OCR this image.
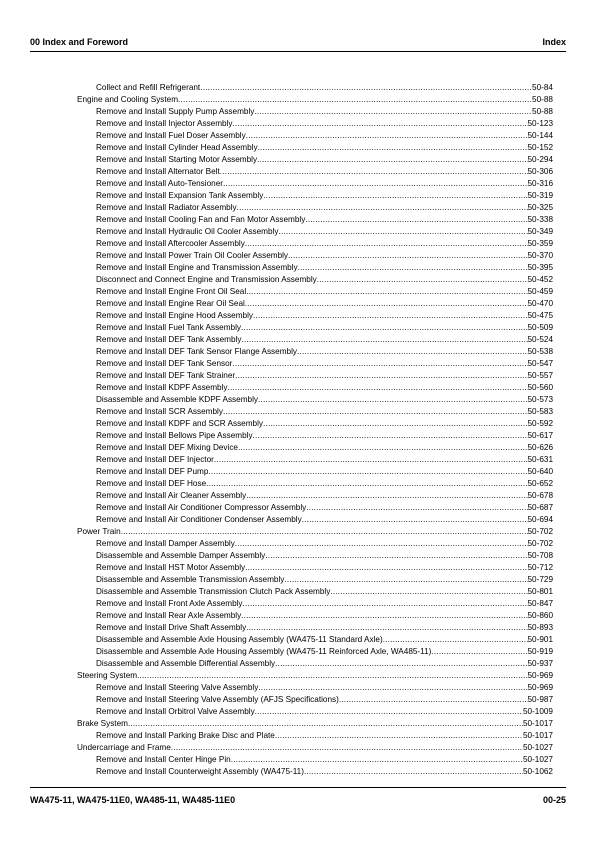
00 Index and Foreword	Index
Collect and Refill Refrigerant .....	50-84
Engine and Cooling System .....	50-88
Remove and Install Supply Pump Assembly .....	50-88
Remove and Install Injector Assembly .....	50-123
Remove and Install Fuel Doser Assembly .....	50-144
Remove and Install Cylinder Head Assembly .....	50-152
Remove and Install Starting Motor Assembly .....	50-294
Remove and Install Alternator Belt .....	50-306
Remove and Install Auto-Tensioner .....	50-316
Remove and Install Expansion Tank Assembly .....	50-319
Remove and Install Radiator Assembly .....	50-325
Remove and Install Cooling Fan and Fan Motor Assembly .....	50-338
Remove and Install Hydraulic Oil Cooler Assembly .....	50-349
Remove and Install Aftercooler Assembly .....	50-359
Remove and Install Power Train Oil Cooler Assembly .....	50-370
Remove and Install Engine and Transmission Assembly .....	50-395
Disconnect and Connect Engine and Transmission Assembly .....	50-452
Remove and Install Engine Front Oil Seal .....	50-459
Remove and Install Engine Rear Oil Seal .....	50-470
Remove and Install Engine Hood Assembly .....	50-475
Remove and Install Fuel Tank Assembly .....	50-509
Remove and Install DEF Tank Assembly .....	50-524
Remove and Install DEF Tank Sensor Flange Assembly .....	50-538
Remove and Install DEF Tank Sensor .....	50-547
Remove and Install DEF Tank Strainer .....	50-557
Remove and Install KDPF Assembly .....	50-560
Disassemble and Assemble KDPF Assembly .....	50-573
Remove and Install SCR Assembly .....	50-583
Remove and Install KDPF and SCR Assembly .....	50-592
Remove and Install Bellows Pipe Assembly .....	50-617
Remove and Install DEF Mixing Device .....	50-626
Remove and Install DEF Injector .....	50-631
Remove and Install DEF Pump .....	50-640
Remove and Install DEF Hose .....	50-652
Remove and Install Air Cleaner Assembly .....	50-678
Remove and Install Air Conditioner Compressor Assembly .....	50-687
Remove and Install Air Conditioner Condenser Assembly .....	50-694
Power Train .....	50-702
Remove and Install Damper Assembly .....	50-702
Disassemble and Assemble Damper Assembly .....	50-708
Remove and Install HST Motor Assembly .....	50-712
Disassemble and Assemble Transmission Assembly .....	50-729
Disassemble and Assemble Transmission Clutch Pack Assembly .....	50-801
Remove and Install Front Axle Assembly .....	50-847
Remove and Install Rear Axle Assembly .....	50-860
Remove and Install Drive Shaft Assembly .....	50-893
Disassemble and Assemble Axle Housing Assembly (WA475-11 Standard Axle) .....	50-901
Disassemble and Assemble Axle Housing Assembly (WA475-11 Reinforced Axle, WA485-11) .....	50-919
Disassemble and Assemble Differential Assembly .....	50-937
Steering System .....	50-969
Remove and Install Steering Valve Assembly .....	50-969
Remove and Install Steering Valve Assembly (AFJS Specifications) .....	50-987
Remove and Install Orbitrol Valve Assembly .....	50-1009
Brake System .....	50-1017
Remove and Install Parking Brake Disc and Plate .....	50-1017
Undercarriage and Frame .....	50-1027
Remove and Install Center Hinge Pin .....	50-1027
Remove and Install Counterweight Assembly (WA475-11) .....	50-1062
WA475-11, WA475-11E0, WA485-11, WA485-11E0	00-25
